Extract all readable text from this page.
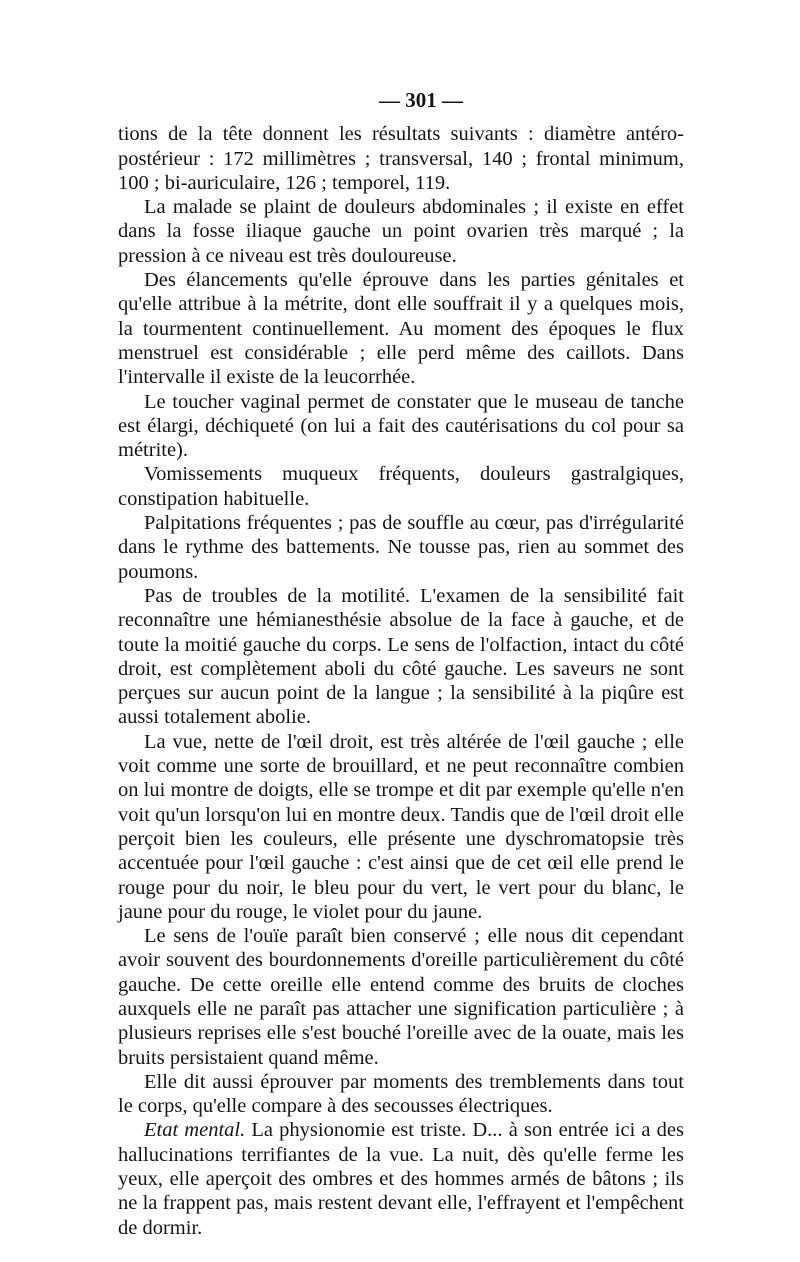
— 301 —

tions de la tête donnent les résultats suivants : diamètre antéro-postérieur : 172 millimètres ; transversal, 140 ; frontal minimum, 100 ; bi-auriculaire, 126 ; temporel, 119.

La malade se plaint de douleurs abdominales ; il existe en effet dans la fosse iliaque gauche un point ovarien très marqué ; la pression à ce niveau est très douloureuse.

Des élancements qu'elle éprouve dans les parties génitales et qu'elle attribue à la métrite, dont elle souffrait il y a quelques mois, la tourmentent continuellement. Au moment des époques le flux menstruel est considérable ; elle perd même des caillots. Dans l'intervalle il existe de la leucorrhée.

Le toucher vaginal permet de constater que le museau de tanche est élargi, déchiqueté (on lui a fait des cautérisations du col pour sa métrite).

Vomissements muqueux fréquents, douleurs gastralgiques, constipation habituelle.

Palpitations fréquentes ; pas de souffle au cœur, pas d'irrégularité dans le rythme des battements. Ne tousse pas, rien au sommet des poumons.

Pas de troubles de la motilité. L'examen de la sensibilité fait reconnaître une hémianesthésie absolue de la face à gauche, et de toute la moitié gauche du corps. Le sens de l'olfaction, intact du côté droit, est complètement aboli du côté gauche. Les saveurs ne sont perçues sur aucun point de la langue ; la sensibilité à la piqûre est aussi totalement abolie.

La vue, nette de l'œil droit, est très altérée de l'œil gauche ; elle voit comme une sorte de brouillard, et ne peut reconnaître combien on lui montre de doigts, elle se trompe et dit par exemple qu'elle n'en voit qu'un lorsqu'on lui en montre deux. Tandis que de l'œil droit elle perçoit bien les couleurs, elle présente une dyschromatopsie très accentuée pour l'œil gauche : c'est ainsi que de cet œil elle prend le rouge pour du noir, le bleu pour du vert, le vert pour du blanc, le jaune pour du rouge, le violet pour du jaune.

Le sens de l'ouïe paraît bien conservé ; elle nous dit cependant avoir souvent des bourdonnements d'oreille particulièrement du côté gauche. De cette oreille elle entend comme des bruits de cloches auxquels elle ne paraît pas attacher une signification particulière ; à plusieurs reprises elle s'est bouché l'oreille avec de la ouate, mais les bruits persistaient quand même.

Elle dit aussi éprouver par moments des tremblements dans tout le corps, qu'elle compare à des secousses électriques.

Etat mental. La physionomie est triste. D... à son entrée ici a des hallucinations terrifiantes de la vue. La nuit, dès qu'elle ferme les yeux, elle aperçoit des ombres et des hommes armés de bâtons ; ils ne la frappent pas, mais restent devant elle, l'effrayent et l'empêchent de dormir.
